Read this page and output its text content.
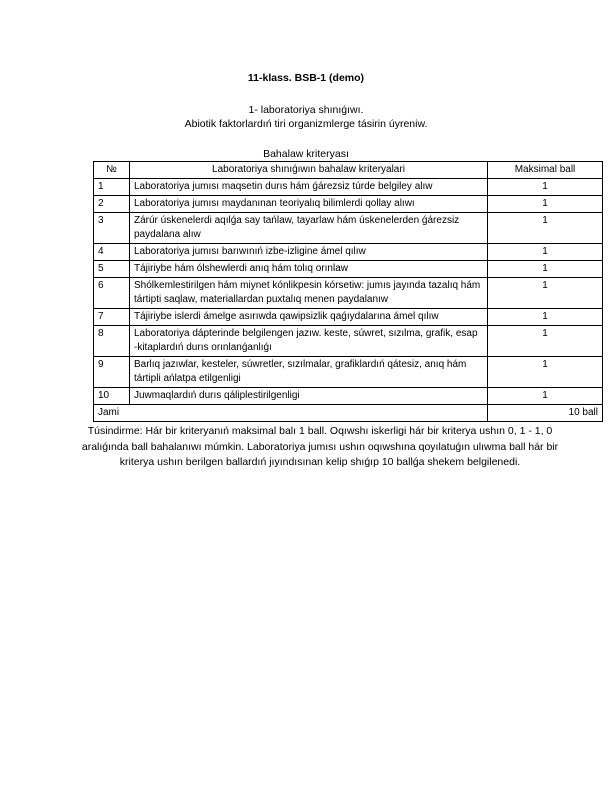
11-klass. BSB-1 (demo)
1- laboratoriya shınıǵıwı.
Abiotik faktorlardıń tiri organizmlerge tásirin úyreniw.
Bahalaw kriteryası
№	Laboratoriya shınıǵıwın bahalaw kriteryalari	Maksimal ball
1	Laboratoriya jumısı maqsetin durıs hám ǵárezsiz túrde belgiley alıw	1
2	Laboratoriya jumısı maydanınan teoriyalıq bilimlerdi qollay alıwı	1
3	Zárúr úskenelerdi aqılǵa say tańlaw, tayarlaw hám úskenelerden ǵárezsiz paydalana alıw	1
4	Laboratoriya jumısı barıwınıń izbe-izligine ámel qılıw	1
5	Tájiriybe hám ólshewlerdi anıq hám tolıq orınlaw	1
6	Shólkemlestirilgen hám miynet kónlikpesin kórsetiw: jumıs jayında tazalıq hám tártipti saqlaw, materiallardan puxtalıq menen paydalanıw	1
7	Tájiriybe islerdi ámelge asırıwda qawipsizlik qaǵıydalarına ámel qılıw	1
8	Laboratoriya dápterinde belgilengen jazıw. keste, súwret, sızılma, grafik, esap -kitaplardıń durıs orınlanǵanlıǵı	1
9	Barlıq jazıwlar, kesteler, súwretler, sızılmalar, grafiklardıń qátesiz, anıq hám tártipli ańlatpa etilgenligi	1
10	Juwmaqlardıń durıs qáliplestirilgenligi	1
Jami		10 ball
Túsindirme: Hár bir kriteryanıń maksimal balı 1 ball. Oqıwshı iskerligi hár bir kriterya ushın 0, 1 - 1, 0 aralıǵında ball bahalanıwı múmkin. Laboratoriya jumısı ushın oqıwshına qoyılatuǵın ulıwma ball hár bir kriterya ushın berilgen ballardıń jıyındısınan kelip shıǵıp 10 ballǵa shekem belgilenedi.
